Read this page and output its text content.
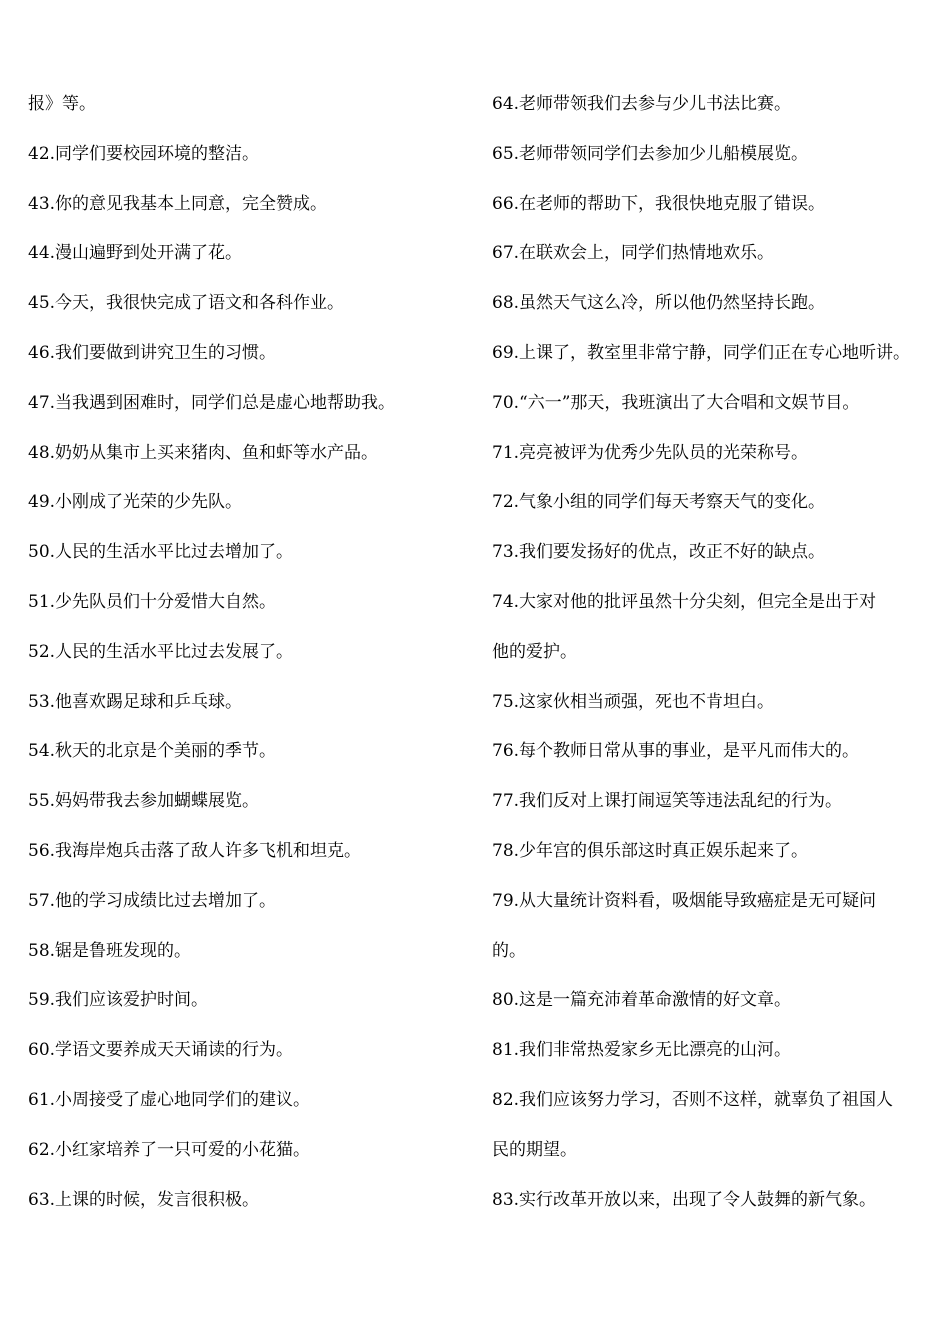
报》等。
42.同学们要校园环境的整洁。
43.你的意见我基本上同意，完全赞成。
44.漫山遍野到处开满了花。
45.今天，我很快完成了语文和各科作业。
46.我们要做到讲究卫生的习惯。
47.当我遇到困难时，同学们总是虚心地帮助我。
48.奶奶从集市上买来猪肉、鱼和虾等水产品。
49.小刚成了光荣的少先队。
50.人民的生活水平比过去增加了。
51.少先队员们十分爱惜大自然。
52.人民的生活水平比过去发展了。
53.他喜欢踢足球和乒乓球。
54.秋天的北京是个美丽的季节。
55.妈妈带我去参加蝴蝶展览。
56.我海岸炮兵击落了敌人许多飞机和坦克。
57.他的学习成绩比过去增加了。
58.锯是鲁班发现的。
59.我们应该爱护时间。
60.学语文要养成天天诵读的行为。
61.小周接受了虚心地同学们的建议。
62.小红家培养了一只可爱的小花猫。
63.上课的时候，发言很积极。
64.老师带领我们去参与少儿书法比赛。
65.老师带领同学们去参加少儿船模展览。
66.在老师的帮助下，我很快地克服了错误。
67.在联欢会上，同学们热情地欢乐。
68.虽然天气这么冷，所以他仍然坚持长跑。
69.上课了，教室里非常宁静，同学们正在专心地听讲。
70.“六一”那天，我班演出了大合唱和文娱节目。
71.亮亮被评为优秀少先队员的光荣称号。
72.气象小组的同学们每天考察天气的变化。
73.我们要发扬好的优点，改正不好的缺点。
74.大家对他的批评虽然十分尖刻，但完全是出于对
他的爱护。
75.这家伙相当顽强，死也不肯坦白。
76.每个教师日常从事的事业，是平凡而伟大的。
77.我们反对上课打闹逗笑等违法乱纪的行为。
78.少年宫的俱乐部这时真正娱乐起来了。
79.从大量统计资料看，吸烟能导致癌症是无可疑问
的。
80.这是一篇充沛着革命激情的好文章。
81.我们非常热爱家乡无比漂亮的山河。
82.我们应该努力学习，否则不这样，就辜负了祖国人
民的期望。
83.实行改革开放以来，出现了令人鼓舞的新气象。
